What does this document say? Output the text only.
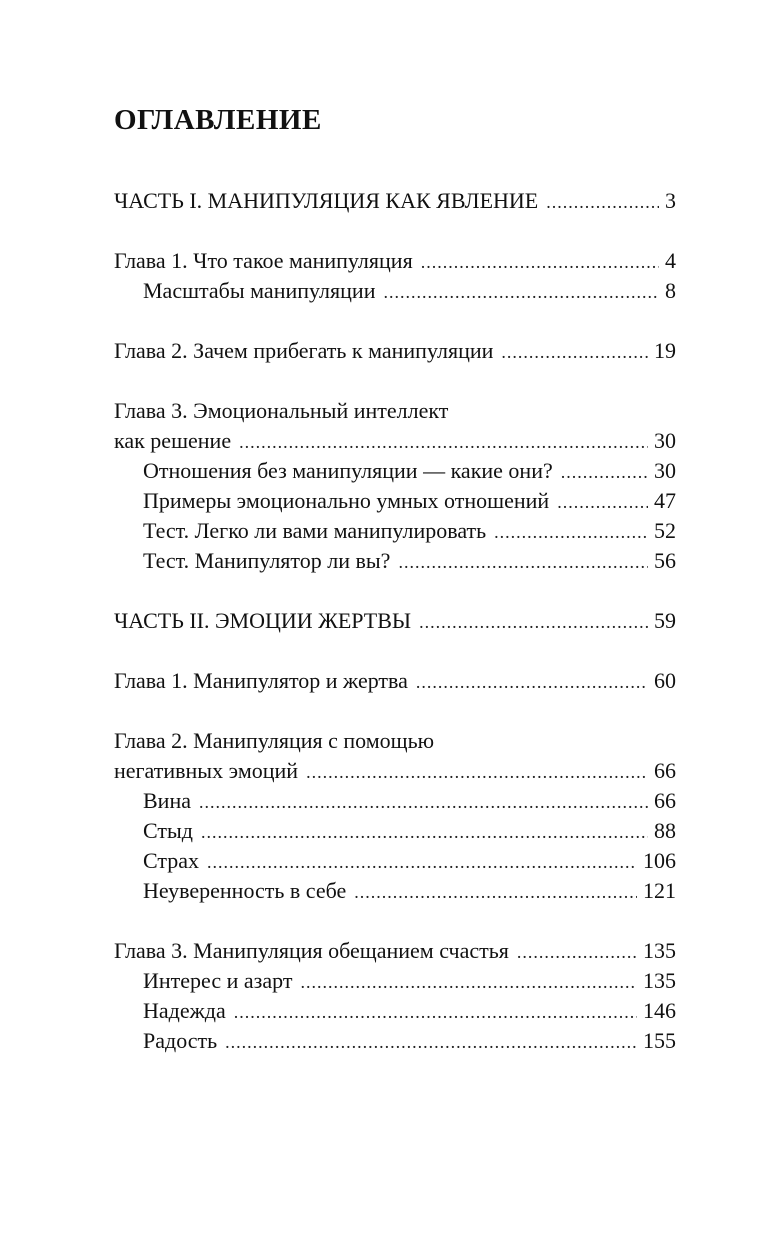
ОГЛАВЛЕНИЕ
ЧАСТЬ I. МАНИПУЛЯЦИЯ КАК ЯВЛЕНИЕ .....	3
Глава 1. Что такое манипуляция .....	4
Масштабы манипуляции .....	8
Глава 2. Зачем прибегать к манипуляции .....	19
Глава 3. Эмоциональный интеллект
как решение .....	30
Отношения без манипуляции — какие они? .....	30
Примеры эмоционально умных отношений .....	47
Тест. Легко ли вами манипулировать .....	52
Тест. Манипулятор ли вы? .....	56
ЧАСТЬ II. ЭМОЦИИ ЖЕРТВЫ .....	59
Глава 1. Манипулятор и жертва .....	60
Глава 2. Манипуляция с помощью
негативных эмоций .....	66
Вина .....	66
Стыд .....	88
Страх .....	106
Неуверенность в себе .....	121
Глава 3. Манипуляция обещанием счастья .....	135
Интерес и азарт .....	135
Надежда .....	146
Радость .....	155
